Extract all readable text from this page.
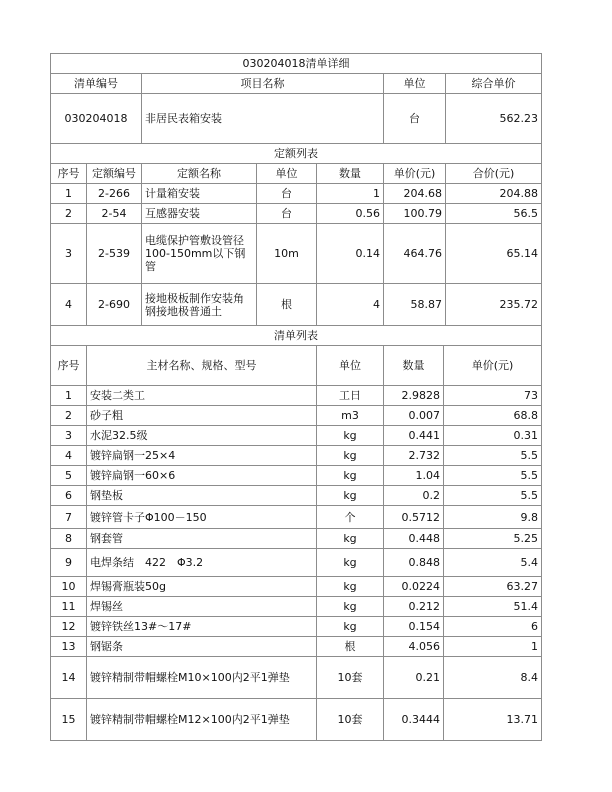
030204018清单详细								
清单编号		项目名称			单位		综合单价	
030204018		非居民表箱安装			台		562.23	
定额列表								
序号	定额编号	定额名称	单位	数量	单价(元)		合价(元)	
1	2-266	计量箱安装	台	1	204.68		204.88	
2	2-54	互感器安装	台	0.56	100.79		56.5	
3	2-539	电缆保护管敷设管径100-150mm以下钢管	10m	0.14	464.76		65.14	
4	2-690	接地极板制作安装角钢接地极普通土	根	4	58.87		235.72	
清单列表								
序号	主材名称、规格、型号			单位	数量	单价(元)	
1	安装二类工			工日	2.9828	73	
2	砂子粗			m3	0.007	68.8	
3	水泥32.5级			kg	0.441	0.31	
4	镀锌扁钢一25×4			kg	2.732	5.5	
5	镀锌扁钢一60×6			kg	1.04	5.5	
6	钢垫板			kg	0.2	5.5	
7	镀锌管卡子Φ100－150			个	0.5712	9.8	
8	钢套管			kg	0.448	5.25	
9	电焊条结　422　Φ3.2			kg	0.848	5.4	
10	焊锡膏瓶装50g			kg	0.0224	63.27	
11	焊锡丝			kg	0.212	51.4	
12	镀锌铁丝13#～17#			kg	0.154	6	
13	钢锯条			根	4.056	1	
14	镀锌精制带帽螺栓M10×100内2平1弹垫			10套	0.21	8.4	
15	镀锌精制带帽螺栓M12×100内2平1弹垫			10套	0.3444	13.71	
